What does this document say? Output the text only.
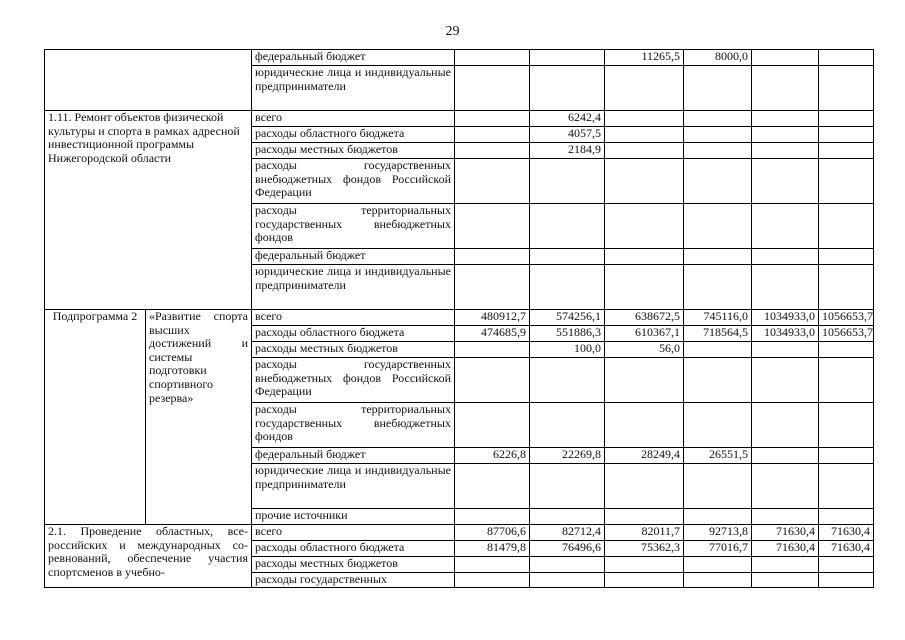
29
		федеральный бюджет			11265,5	8000,0		
		юридические лица и индивидуальные предприниматели						
1.11. Ремонт объектов физической культуры и спорта в рамках адресной инвестиционной программы Нижегородской области		всего		6242,4				
		расходы областного бюджета		4057,5				
		расходы местных бюджетов		2184,9				
		расходы государственных внебюджетных фондов Российской Федерации						
		расходы территориальных государственных внебюджетных фондов						
		федеральный бюджет						
		юридические лица и индивидуальные предприниматели						
Подпрограмма 2	«Развитие спорта высших достижений и системы подготовки спортивного резерва»	всего	480912,7	574256,1	638672,5	745116,0	1034933,0	1056653,7
		расходы областного бюджета	474685,9	551886,3	610367,1	718564,5	1034933,0	1056653,7
		расходы местных бюджетов		100,0	56,0			
		расходы государственных внебюджетных фондов Российской Федерации						
		расходы территориальных государственных внебюджетных фондов						
		федеральный бюджет	6226,8	22269,8	28249,4	26551,5		
		юридические лица и индивидуальные предприниматели						
		прочие источники						
2.1. Проведение областных, все-российских и международных со-ревнований, обеспечение участия спортсменов в учебно-		всего	87706,6	82712,4	82011,7	92713,8	71630,4	71630,4
		расходы областного бюджета	81479,8	76496,6	75362,3	77016,7	71630,4	71630,4
		расходы местных бюджетов						
		расходы государственных						
